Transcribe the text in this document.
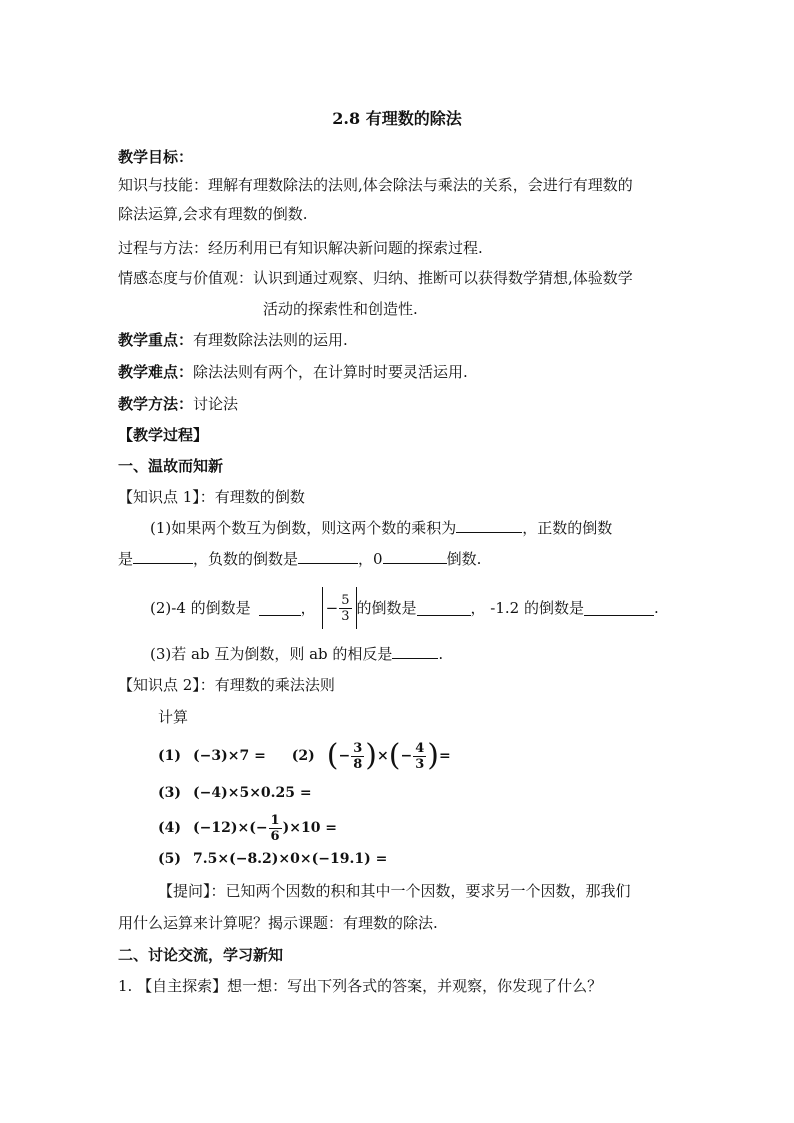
2.8 有理数的除法
教学目标：
知识与技能：理解有理数除法的法则,体会除法与乘法的关系，会进行有理数的
除法运算,会求有理数的倒数.
过程与方法：经历利用已有知识解决新问题的探索过程.
情感态度与价值观：认识到通过观察、归纳、推断可以获得数学猜想,体验数学
活动的探索性和创造性.
教学重点：有理数除法法则的运用.
教学难点：除法法则有两个，在计算时时要灵活运用.
教学方法：讨论法
【教学过程】
一、温故而知新
【知识点 1】：有理数的倒数
(1)如果两个数互为倒数，则这两个数的乘积为	，正数的倒数
是	，负数的倒数是	，0	倒数.
(2)-4 的倒数是	， − $\frac{5}{3}$ 的倒数是	， -1.2 的倒数是	.
(3)若 ab 互为倒数，则 ab 的相反是	.
【知识点 2】：有理数的乘法法则
计算
(1) (−3)×7 = (2) ( − $\frac{3}{8}$ ) × ( − $\frac{4}{3}$ ) =
(3) (−4)×5×0.25 =
(4) $(-12)\times(- \frac{1}{6} )\times 10$ =
(5) 7.5×(−8.2)×0×(−19.1) =
【提问】：已知两个因数的积和其中一个因数，要求另一个因数，那我们
用什么运算来计算呢？揭示课题：有理数的除法.
二、讨论交流，学习新知
1. 【自主探索】想一想：写出下列各式的答案，并观察，你发现了什么？
